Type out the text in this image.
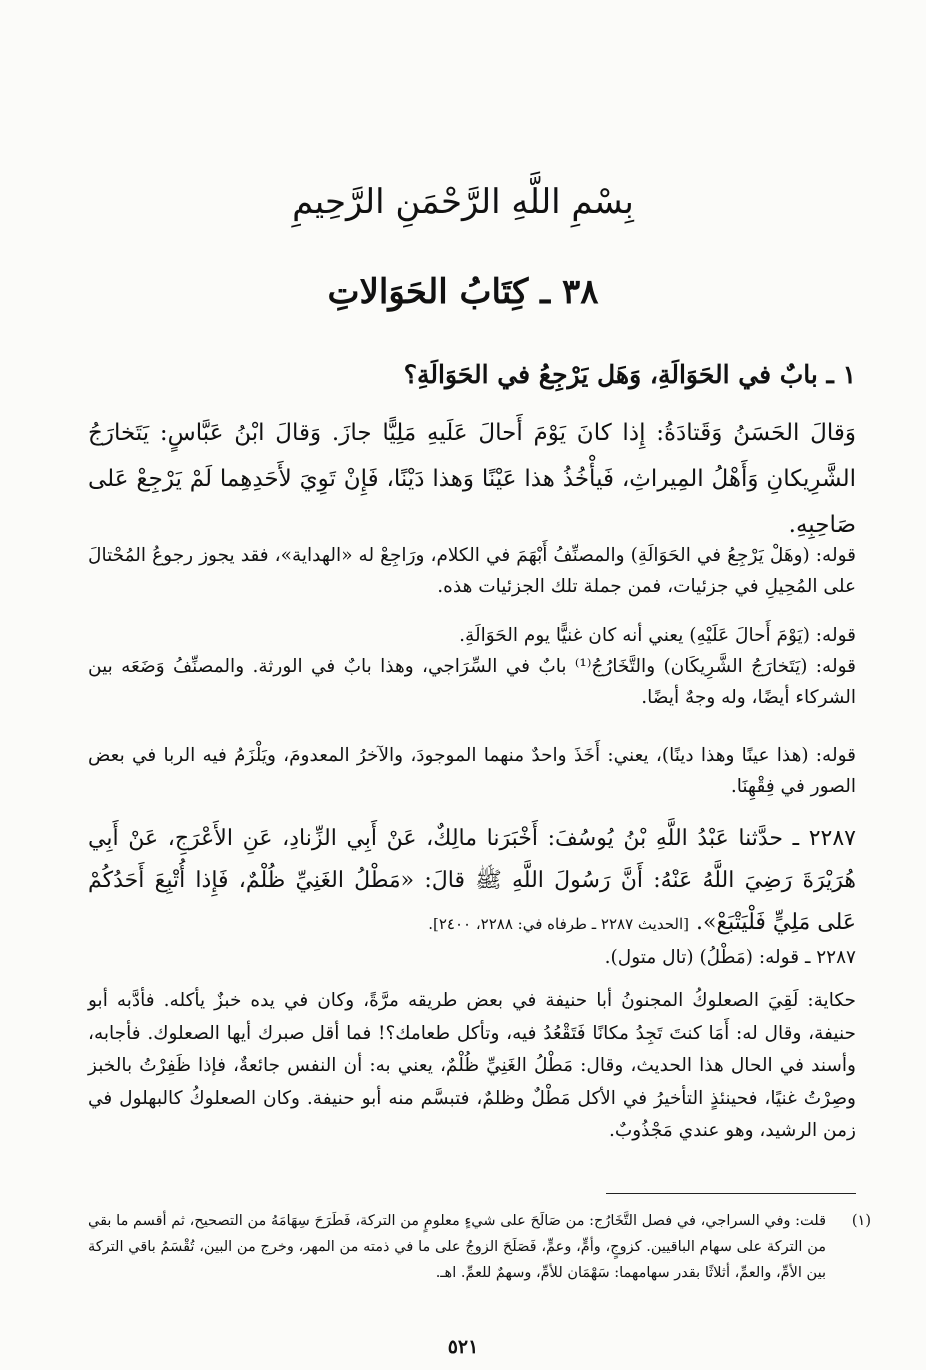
بِسْمِ اللَّهِ الرَّحْمَنِ الرَّحِيمِ
٣٨ ـ كِتَابُ الحَوَالاتِ
١ ـ بابٌ في الحَوَالَةِ، وَهَل يَرْجِعُ في الحَوَالَةِ؟

وَقالَ الحَسَنُ وَقَتادَةُ: إِذا كانَ يَوْمَ أَحالَ عَلَيهِ مَلِيًّا جازَ. وَقالَ ابْنُ عَبَّاسٍ: يَتَخارَجُ الشَّرِيكانِ وَأَهْلُ المِيراثِ، فَيأْخُذُ هذا عَيْنًا وَهذا دَيْنًا، فَإِنْ تَوِيَ لأَحَدِهِما لَمْ يَرْجِعْ عَلى صَاحِبِهِ.

قوله: (وهَلْ يَرْجِعُ في الحَوَالَةِ) والمصنِّفُ أَبْهَمَ في الكلام، ورَاجِعْ له «الهداية»، فقد يجوز رجوعُ المُحْتالَ على المُحِيلِ في جزئيات، فمن جملة تلك الجزئيات هذه.

قوله: (يَوْمَ أَحالَ عَلَيْهِ) يعني أنه كان غنيًّا يوم الحَوَالَةِ.

قوله: (يَتَخارَجُ الشَّرِيكَان) والتَّخَارُجُ⁽¹⁾ بابٌ في السِّرَاجي، وهذا بابٌ في الورثة. والمصنِّفُ وَضَعَه بين الشركاء أيضًا، وله وجهٌ أيضًا.

قوله: (هذا عينًا وهذا دينًا)، يعني: أَخَذَ واحدٌ منهما الموجودَ، والآخرُ المعدومَ، ويَلْزَمُ فيه الربا في بعض الصور في فِقْهِنَا.

٢٢٨٧ ـ حدَّثنا عَبْدُ اللَّهِ بْنُ يُوسُفَ: أَخْبَرَنا مالِكٌ، عَنْ أَبِي الزِّنادِ، عَنِ الأَعْرَجِ، عَنْ أَبِي هُرَيْرَةَ رَضِيَ اللَّهُ عَنْهُ: أَنَّ رَسُولَ اللَّهِ ﷺ قالَ: «مَطْلُ الغَنِيِّ ظُلْمٌ، فَإِذا أُتْبِعَ أَحَدُكُمْ عَلى مَلِيٍّ فَلْيَتْبَعْ». [الحديث ٢٢٨٧ ـ طرفاه في: ٢٢٨٨، ٢٤٠٠].

٢٢٨٧ ـ قوله: (مَطْلُ) (تال متول).

حكاية: لَقِيَ الصعلوكُ المجنونُ أبا حنيفة في بعض طريقه مرَّةً، وكان في يده خبزٌ يأكله. فأدَّبه أبو حنيفة، وقال له: أَمَا كنتَ تَجِدُ مكانًا فَتَقْعُدُ فيه، وتأكل طعامك؟! فما أقل صبرك أيها الصعلوك. فأجابه، وأسند في الحال هذا الحديث، وقال: مَطْلُ الغَنِيِّ ظُلْمٌ، يعني به: أن النفس جائعةٌ، فإذا ظَفِرْتُ بالخبز وصِرْتُ غنيًا، فحينئذٍ التأخيرُ في الأكل مَطْلٌ وظلمٌ، فتبسَّم منه أبو حنيفة. وكان الصعلوكُ كالبهلول في زمن الرشيد، وهو عندي مَجْذُوبٌ.

(١)
قلت: وفي السراجي، في فصل التَّخَارُج: من صَالَحَ على شيءٍ معلومٍ من التركة، فَطَرَحَ سِهَامَهُ من التصحيح، ثم أقسم ما بقي من التركة على سهام الباقيين. كزوجٍ، وأمٍّ، وعمٍّ، فَصَلَحَ الزوجُ على ما في ذمته من المهر، وخرج من البين، تُقْسَمُ باقي التركة بين الأمِّ، والعمِّ، أثلاثًا بقدر سهامهما: سَهْمَان للأمِّ، وسهمٌ للعمِّ. اهـ.
٥٢١
